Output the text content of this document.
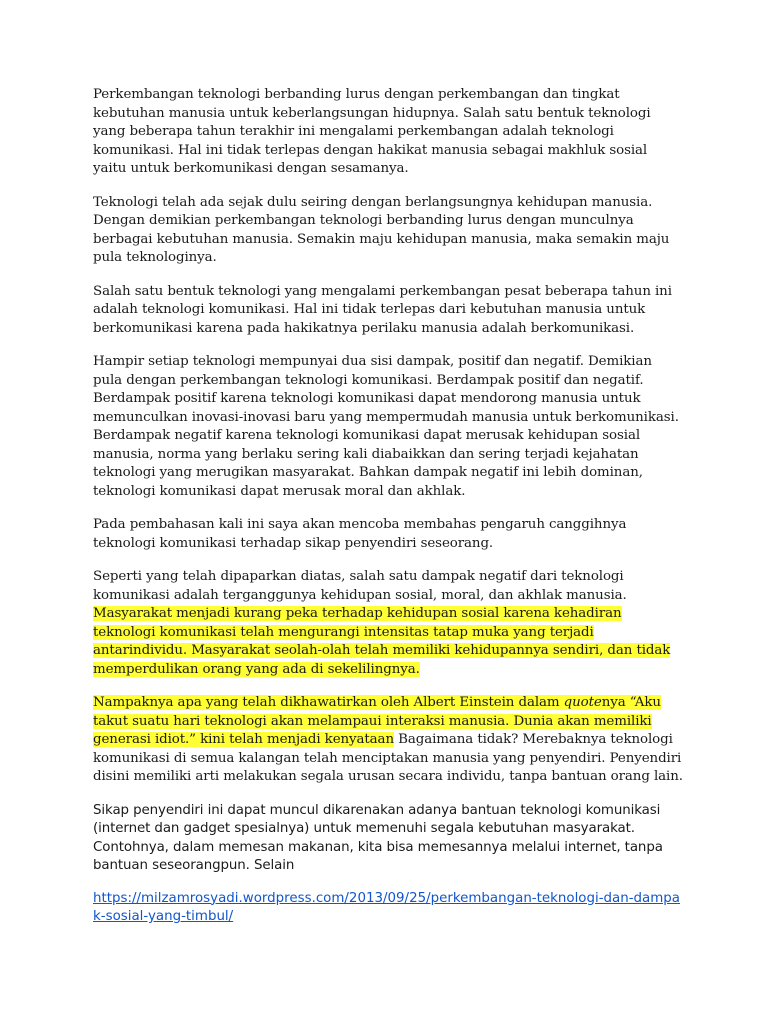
Perkembangan teknologi berbanding lurus dengan perkembangan dan tingkat kebutuhan manusia untuk keberlangsungan hidupnya. Salah satu bentuk teknologi yang beberapa tahun terakhir ini mengalami perkembangan adalah teknologi komunikasi. Hal ini tidak terlepas dengan hakikat manusia sebagai makhluk sosial yaitu untuk berkomunikasi dengan sesamanya.

Teknologi telah ada sejak dulu seiring dengan berlangsungnya kehidupan manusia. Dengan demikian perkembangan teknologi berbanding lurus dengan munculnya berbagai kebutuhan manusia. Semakin maju kehidupan manusia, maka semakin maju pula teknologinya.

Salah satu bentuk teknologi yang mengalami perkembangan pesat beberapa tahun ini adalah teknologi komunikasi. Hal ini tidak terlepas dari kebutuhan manusia untuk berkomunikasi karena pada hakikatnya perilaku manusia adalah berkomunikasi.

Hampir setiap teknologi mempunyai dua sisi dampak, positif dan negatif. Demikian pula dengan perkembangan teknologi komunikasi. Berdampak positif dan negatif. Berdampak positif karena teknologi komunikasi dapat mendorong manusia untuk memunculkan inovasi-inovasi baru yang mempermudah manusia untuk berkomunikasi. Berdampak negatif karena teknologi komunikasi dapat merusak kehidupan sosial manusia, norma yang berlaku sering kali diabaikkan dan sering terjadi kejahatan teknologi yang merugikan masyarakat. Bahkan dampak negatif ini lebih dominan, teknologi komunikasi dapat merusak moral dan akhlak.

Pada pembahasan kali ini saya akan mencoba membahas pengaruh canggihnya teknologi komunikasi terhadap sikap penyendiri seseorang.

Seperti yang telah dipaparkan diatas, salah satu dampak negatif dari teknologi komunikasi adalah terganggunya kehidupan sosial, moral, dan akhlak manusia. Masyarakat menjadi kurang peka terhadap kehidupan sosial karena kehadiran teknologi komunikasi telah mengurangi intensitas tatap muka yang terjadi antarindividu. Masyarakat seolah-olah telah memiliki kehidupannya sendiri, dan tidak memperdulikan orang yang ada di sekelilingnya.

Nampaknya apa yang telah dikhawatirkan oleh Albert Einstein dalam quotenya “Aku takut suatu hari teknologi akan melampaui interaksi manusia. Dunia akan memiliki generasi idiot.” kini telah menjadi kenyataan Bagaimana tidak? Merebaknya teknologi komunikasi di semua kalangan telah menciptakan manusia yang penyendiri. Penyendiri disini memiliki arti melakukan segala urusan secara individu, tanpa bantuan orang lain.

Sikap penyendiri ini dapat muncul dikarenakan adanya bantuan teknologi komunikasi (internet dan gadget spesialnya) untuk memenuhi segala kebutuhan masyarakat. Contohnya, dalam memesan makanan, kita bisa memesannya melalui internet, tanpa bantuan seseorangpun. Selain

https://milzamrosyadi.wordpress.com/2013/09/25/perkembangan-teknologi-dan-dampak-sosial-yang-timbul/
